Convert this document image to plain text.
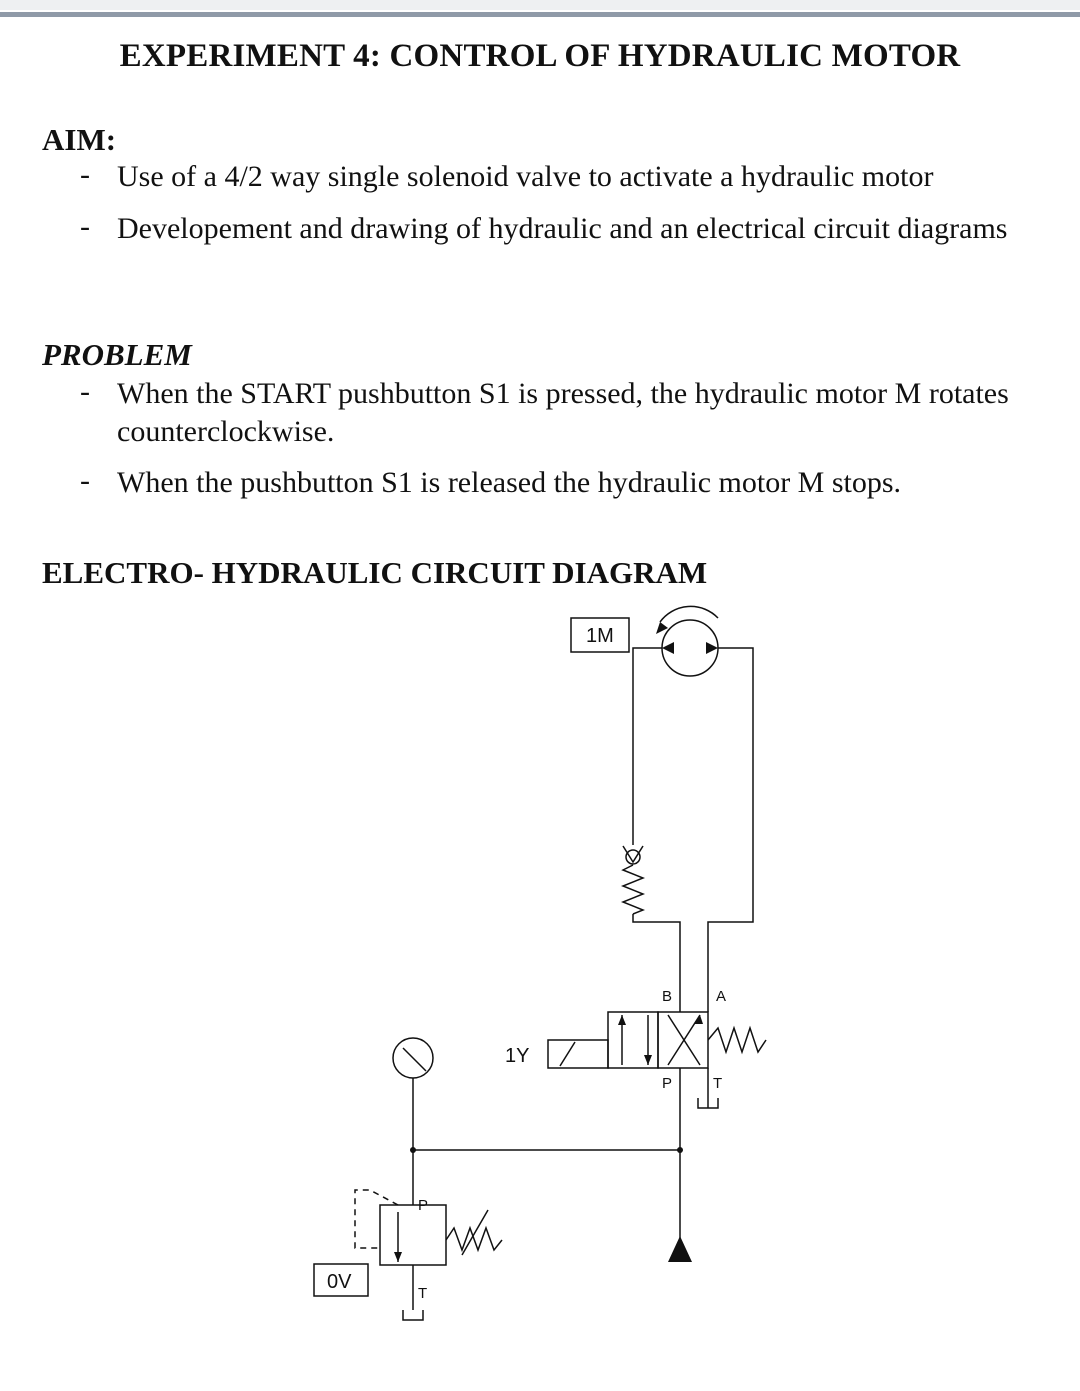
EXPERIMENT 4: CONTROL OF HYDRAULIC MOTOR
AIM:
- Use of a 4/2 way single solenoid valve to activate a hydraulic motor
- Developement and drawing of hydraulic and an electrical circuit diagrams
PROBLEM
- When the START pushbutton S1 is pressed, the hydraulic motor M rotates counterclockwise.
- When the pushbutton S1 is released the hydraulic motor M stops.
ELECTRO- HYDRAULIC CIRCUIT DIAGRAM
1M
1Y
B	A
P	T
P
T
0V
